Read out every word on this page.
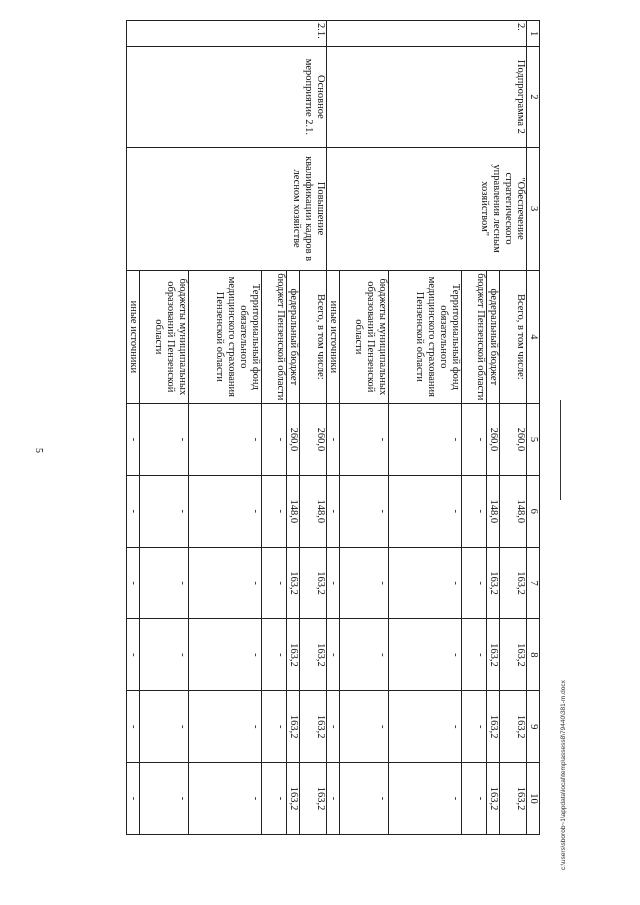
5
1	2	3	4	5	6	7	8	9	10
2.	Подпрограмма 2	"Обеспечение стратегического управления лесным хозяйством"	Всего, в том числе:	260,0	148,0	163,2	163,2	163,2	163,2
			федеральный бюджет	260,0	148,0	163,2	163,2	163,2	163,2
			бюджет Пензенской области	-	-	-	-	-	-
			Территориальный фонд обязательного медицинского страхования Пензенской области	-	-	-	-	-	-
			бюджеты муниципальных образований Пензенской области	-	-	-	-	-	-
			иные источники	-	-	-	-	-	-
2.1.	Основное мероприятие 2.1.	Повышение квалификации кадров в лесном хозяйстве	Всего, в том числе:	260,0	148,0	163,2	163,2	163,2	163,2
			федеральный бюджет	260,0	148,0	163,2	163,2	163,2	163,2
			бюджет Пензенской области	-	-	-	-	-	-
			Территориальный фонд обязательного медицинского страхования Пензенской области	-	-	-	-	-	-
			бюджеты муниципальных образований Пензенской области	-	-	-	-	-	-
			иные источники	-	-	-	-	-	-	c:\users\sborob~1\appdata\local\temp\assess8\79440\381-m.docx
